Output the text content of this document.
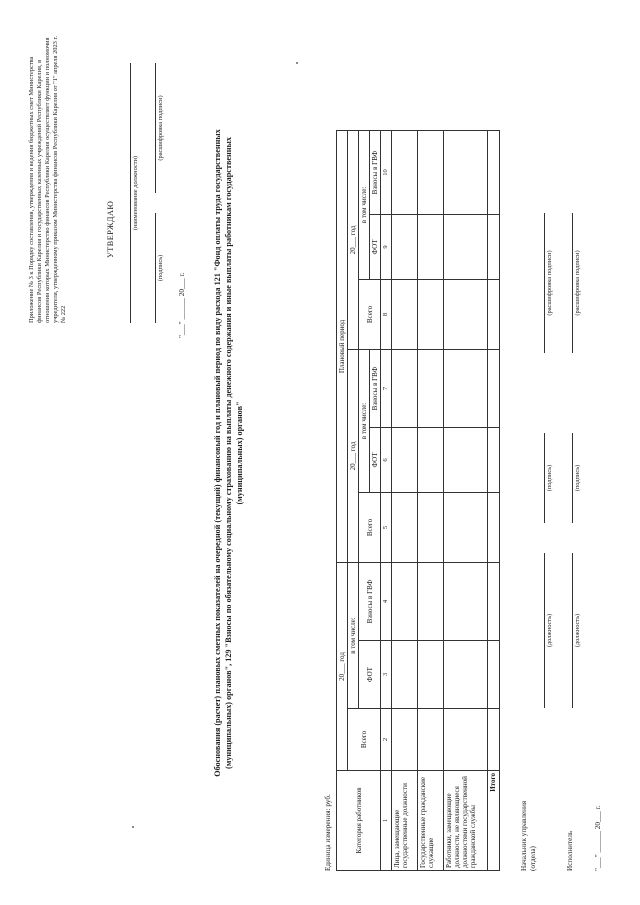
Приложение № 3 к Порядку составления, утверждения и ведения бюджетных смет Министерства финансов Республики Карелия и государственных казенных учреждений Республики Карелия, в отношении которых Министерство финансов Республики Карелия осуществляет функции и полномочия учредителя, утвержденному приказом Министерства финансов Республики Карелия от "1" апреля 2023 г. № 222
УТВЕРЖДАЮ	(наименование должности)
(подпись)
(расшифровка подписи)
"___" ______ 20___ г.	Обоснования (расчет) плановых сметных показателей на очередной (текущий) финансовый год и плановый период по виду расхода 121 "Фонд оплаты труда государственных (муниципальных) органов", 129 "Взносы по обязательному социальному страхованию на выплаты денежного содержания и иные выплаты работникам государственных (муниципальных) органов"
Единица измерения: руб.	Категория работников	20___ год			Плановый период					
	Всего	в том числе:		20___ год			20___ год		
		ФОТ	Взносы в ГВФ	Всего	в том числе:		Всего	в том числе:	
					ФОТ	Взносы в ГВФ		ФОТ	Взносы в ГВФ
1	2	3	4	5	6	7	8	9	10
Лица, замещающие государственные должности									
Государственные гражданские служащие									
Работники, замещающие должности, не являющиеся должностями государственной гражданской службы									
Итого									
Начальник управления (отдела)
(должность)
(подпись)
(расшифровка подписи)
Исполнитель
(должность)
(подпись)
(расшифровка подписи)
"___" ______ 20___ г.
